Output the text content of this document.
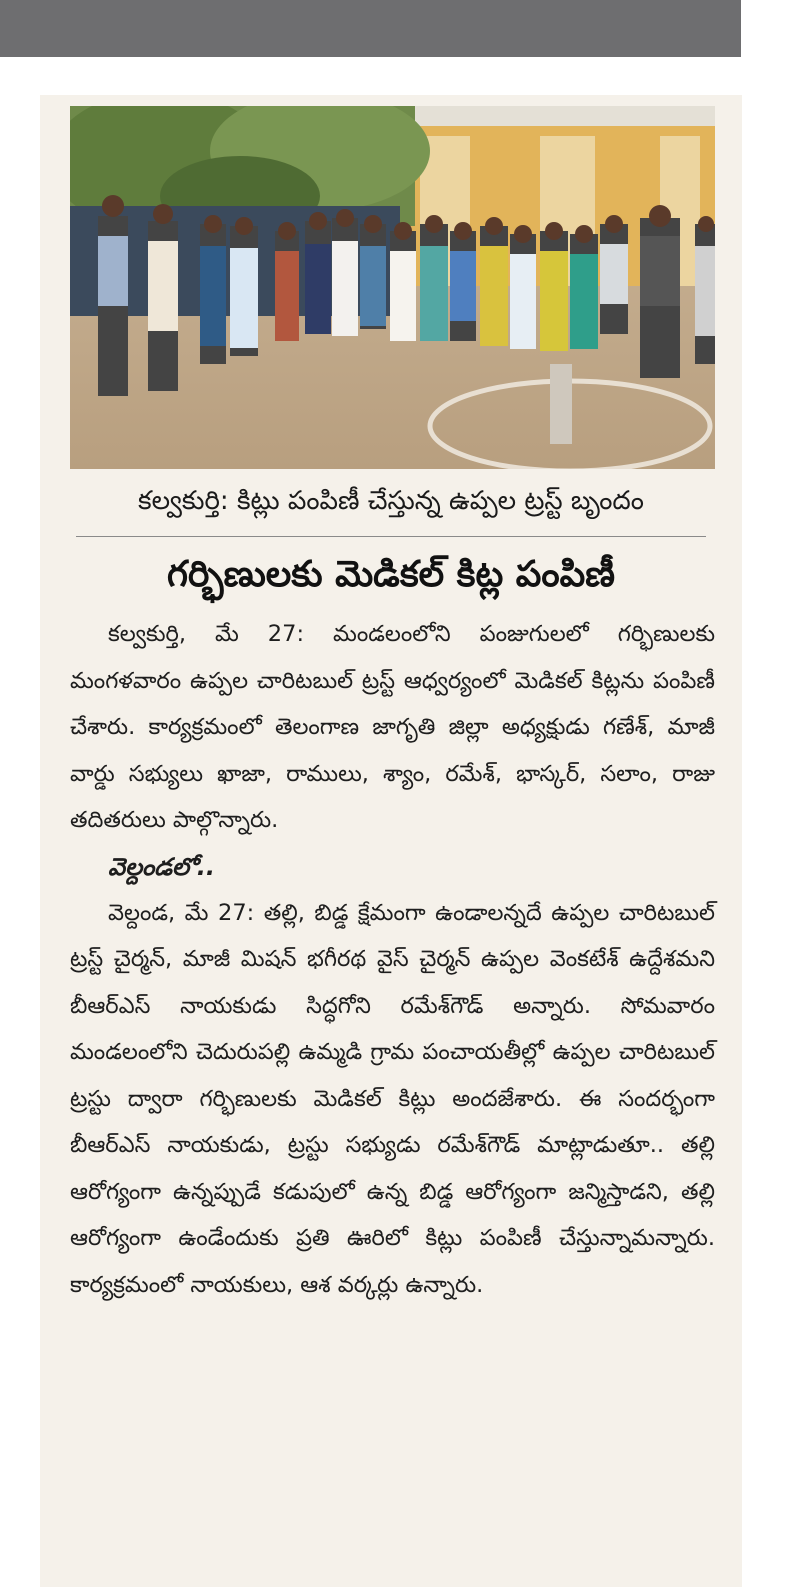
కల్వకుర్తి: కిట్లు పంపిణీ చేస్తున్న ఉప్పల ట్రస్ట్ బృందం
గర్భిణులకు మెడికల్ కిట్ల పంపిణీ

కల్వకుర్తి, మే 27: మండలంలోని పంజుగులలో గర్భిణులకు మంగళవారం ఉప్పల చారిటబుల్ ట్రస్ట్ ఆధ్వర్యంలో మెడికల్ కిట్లను పంపిణీ చేశారు. కార్యక్రమంలో తెలంగాణ జాగృతి జిల్లా అధ్యక్షుడు గణేశ్, మాజీ వార్డు సభ్యులు ఖాజా, రాములు, శ్యాం, రమేశ్, భాస్కర్, సలాం, రాజు తదితరులు పాల్గొన్నారు.

వెల్దండలో..

వెల్దండ, మే 27: తల్లి, బిడ్డ క్షేమంగా ఉండాలన్నదే ఉప్పల చారిటబుల్ ట్రస్ట్ చైర్మన్, మాజీ మిషన్ భగీరథ వైస్ చైర్మన్ ఉప్పల వెంకటేశ్ ఉద్దేశమని బీఆర్ఎస్ నాయకుడు సిద్ధగోని రమేశ్‌గౌడ్ అన్నారు. సోమవారం మండలంలోని చెదురుపల్లి ఉమ్మడి గ్రామ పంచాయతీల్లో ఉప్పల చారిటబుల్ ట్రస్టు ద్వారా గర్భిణులకు మెడికల్ కిట్లు అందజేశారు. ఈ సందర్భంగా బీఆర్ఎస్ నాయకుడు, ట్రస్టు సభ్యుడు రమేశ్‌గౌడ్ మాట్లాడుతూ.. తల్లి ఆరోగ్యంగా ఉన్నప్పుడే కడుపులో ఉన్న బిడ్డ ఆరోగ్యంగా జన్మిస్తాడని, తల్లి ఆరోగ్యంగా ఉండేందుకు ప్రతి ఊరిలో కిట్లు పంపిణీ చేస్తున్నామన్నారు. కార్యక్రమంలో నాయకులు, ఆశ వర్కర్లు ఉన్నారు.
